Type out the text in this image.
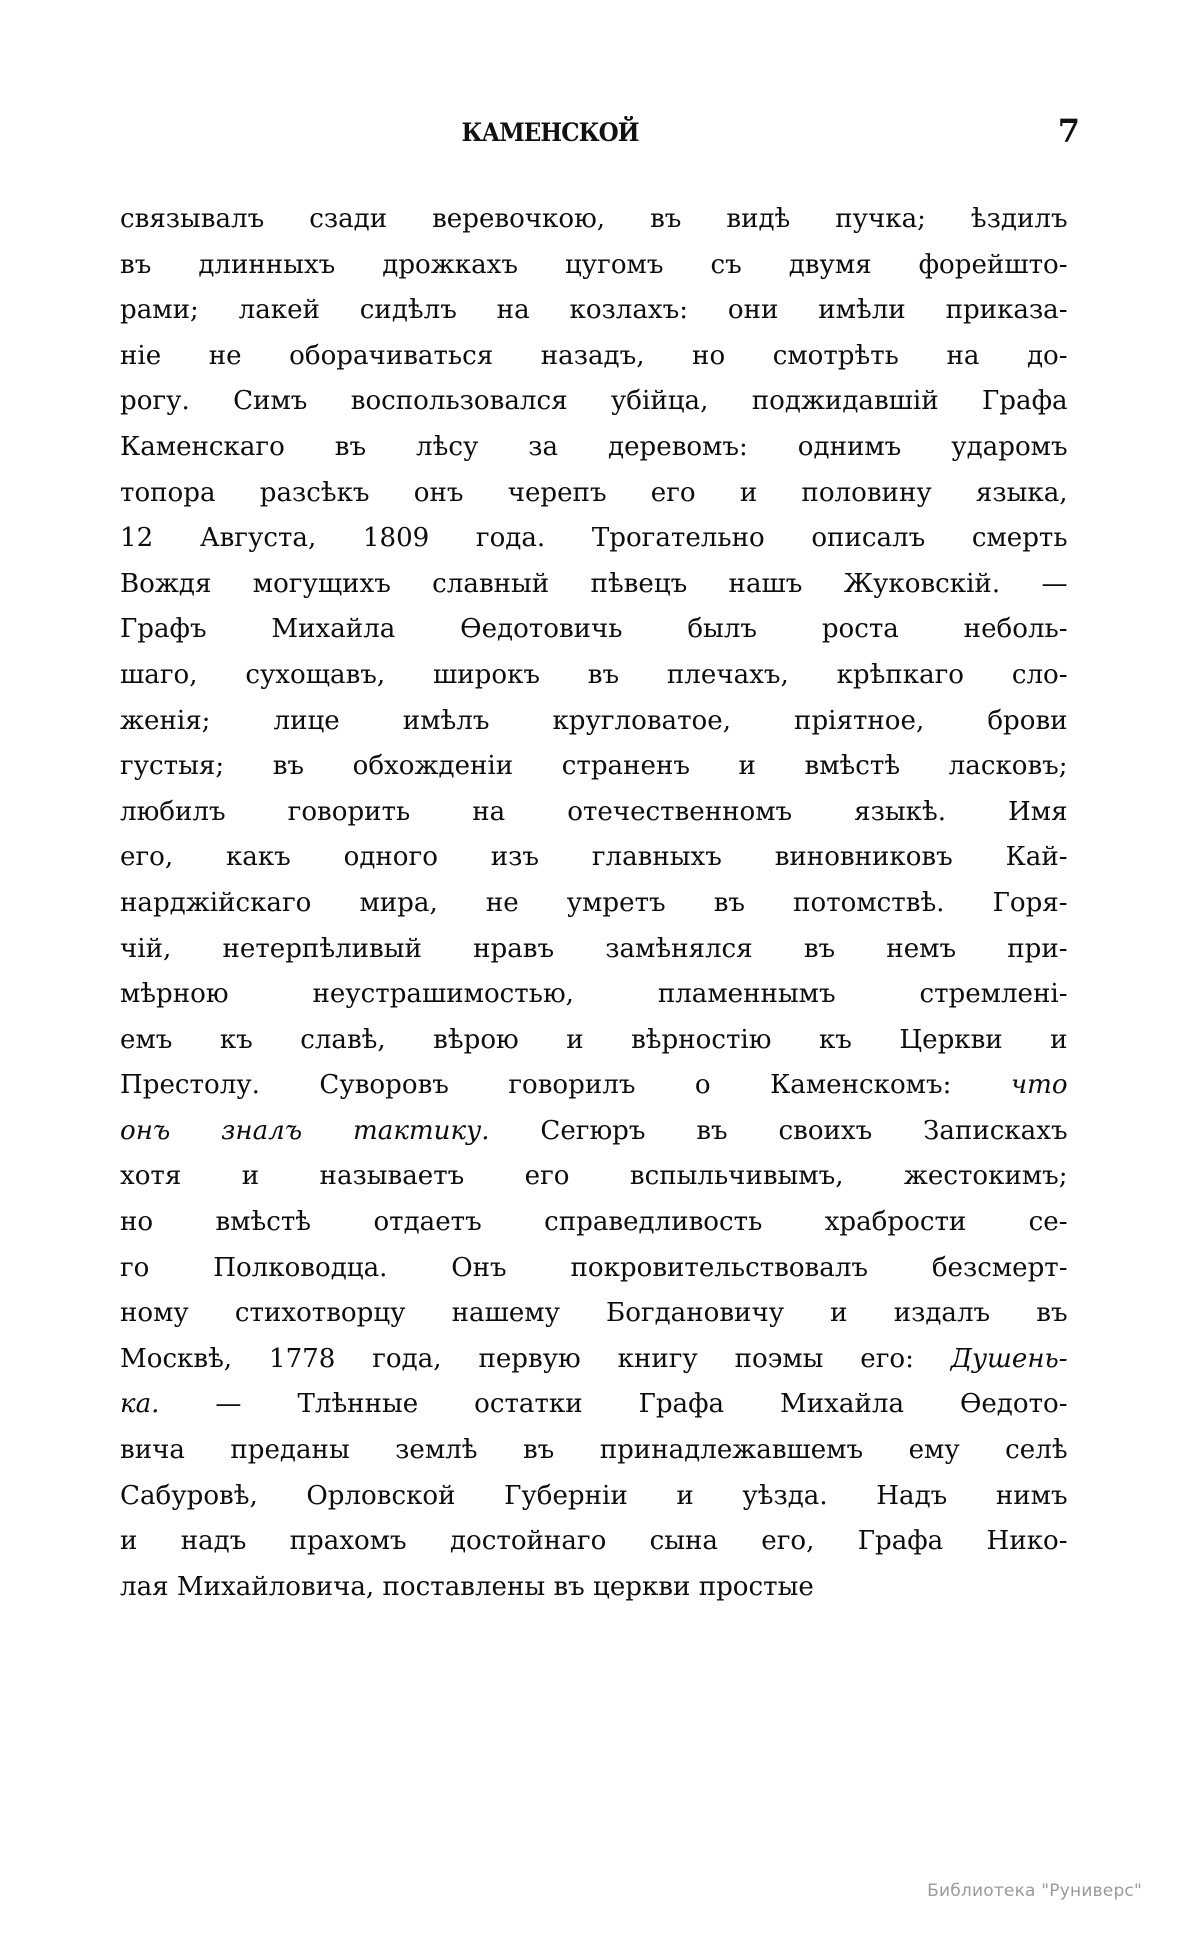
КАМЕНСКОЙ	7

связывалъ сзади веревочкою, въ видѣ пучка; ѣздилъ
въ длинныхъ дрожкахъ цугомъ съ двумя форейшто-
рами; лакей сидѣлъ на козлахъ: они имѣли приказа-
ніе не оборачиваться назадъ, но смотрѣть на до-
рогу. Симъ воспользовался убійца, поджидавшій Графа
Каменскаго въ лѣсу за деревомъ: однимъ ударомъ
топора разсѣкъ онъ черепъ его и половину языка,
12 Августа, 1809 года. Трогательно описалъ смерть
Вождя могущихъ славный пѣвецъ нашъ Жуковскій. —
Графъ Михайла Ѳедотовичь былъ роста неболь-
шаго, сухощавъ, широкъ въ плечахъ, крѣпкаго сло-
женія; лице имѣлъ кругловатое, пріятное, брови
густыя; въ обхожденіи страненъ и вмѣстѣ ласковъ;
любилъ говорить на отечественномъ языкѣ. Имя
его, какъ одного изъ главныхъ виновниковъ Кай-
нарджійскаго мира, не умретъ въ потомствѣ. Горя-
чій, нетерпѣливый нравъ замѣнялся въ немъ при-
мѣрною неустрашимостью, пламеннымъ стремлені-
емъ къ славѣ, вѣрою и вѣрностію къ Церкви и
Престолу. Суворовъ говорилъ о Каменскомъ: что
онъ зналъ тактику. Сегюръ въ своихъ Запискахъ
хотя и называетъ его вспыльчивымъ, жестокимъ;
но вмѣстѣ отдаетъ справедливость храбрости се-
го Полководца. Онъ покровительствовалъ безсмерт-
ному стихотворцу нашему Богдановичу и издалъ въ
Москвѣ, 1778 года, первую книгу поэмы его: Душень-
ка. — Тлѣнные остатки Графа Михайла Ѳедото-
вича преданы землѣ въ принадлежавшемъ ему селѣ
Сабуровѣ, Орловской Губерніи и уѣзда. Надъ нимъ
и надъ прахомъ достойнаго сына его, Графа Нико-
лая Михайловича, поставлены въ церкви простые

Библиотека "Руниверс"
